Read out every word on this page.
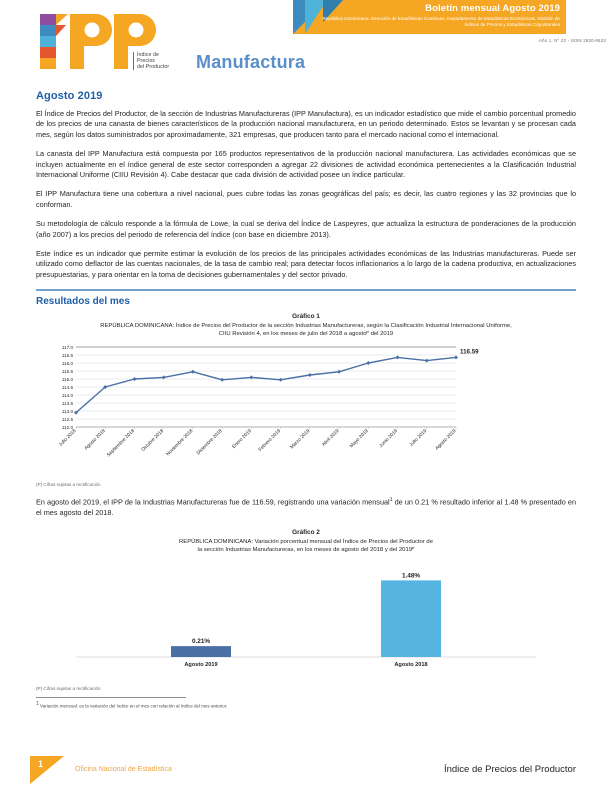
Índice de
Precios
del Productor Manufactura
Boletín mensual Agosto 2019
República Dominicana. Dirección de Estadísticas Continuas, Departamento de Estadísticas Económicas, División de Índices de Precios y Estadísticas Coyunturales
Año 1, N° 22 - ISSN 2520-9523
Agosto 2019

El Índice de Precios del Productor, de la sección de Industrias Manufactureras (IPP Manufactura), es un indicador estadístico que mide el cambio porcentual promedio de los precios de una canasta de bienes característicos de la producción nacional manufacturera, en un periodo determinado. Estos se levantan y se procesan cada mes, según los datos suministrados por aproximadamente, 321 empresas, que producen tanto para el mercado nacional como el internacional.

La canasta del IPP Manufactura está compuesta por 165 productos representativos de la producción nacional manufacturera. Las actividades económicas que se incluyen actualmente en el índice general de este sector corresponden a agregar 22 divisiones de actividad económica pertenecientes a la Clasificación Industrial Internacional Uniforme (CIIU Revisión 4). Cabe destacar que cada división de actividad posee un índice particular.

El IPP Manufactura tiene una cobertura a nivel nacional, pues cubre todas las zonas geográficas del país; es decir, las cuatro regiones y las 32 provincias que lo conforman.

Su metodología de cálculo responde a la fórmula de Lowe, la cual se deriva del Índice de Laspeyres, que actualiza la estructura de ponderaciones de la producción (año 2007) a los precios del periodo de referencia del índice (con base en diciembre 2013).

Este índice es un indicador que permite estimar la evolución de los precios de las principales actividades económicas de las Industrias manufactureras. Puede ser utilizado como deflactor de las cuentas nacionales, de la tasa de cambio real; para detectar focos inflacionarios a lo largo de la cadena productiva, en actualizaciones presupuestarias, y para orientar en la toma de decisiones gubernamentales y del sector privado.

Resultados del mes
Gráfico 1
REPÚBLICA DOMINICANA: Índice de Precios del Productor de la sección Industrias Manufactureras, según la Clasificación Industrial Internacional Uniforme,
CIIU Revisión 4, en los meses de julio del 2018 a agostoᴾ del 2019
117.0
116.5
116.0
115.5
115.0
114.5
114.0
113.5
113.0
112.5
112.0
116.59
Julio 2018 Agosto 2018 Septiembre 2018 Octubre 2018 Noviembre 2018 Diciembre 2018 Enero 2019 Febrero 2019 Marzo 2019 Abril 2019 Mayo 2019 Junio 2019 Julio 2019 Agosto 2019
(P) Cifras sujetas a rectificación
En agosto del 2019, el IPP de la Industrias Manufactureras fue de 116.59, registrando una variación mensual$^1$ de un 0.21 % resultado inferior al 1.48 % presentado en el mes agosto del 2018.
Gráfico 2
REPÚBLICA DOMINICANA: Variación porcentual mensual del Índice de Precios del Productor de
la sección Industrias Manufactureras, en los meses de agosto del 2018 y del 2019ᴾ
0.21%
Agosto 2019
1.48%
Agosto 2018
(P) Cifras sujetas a rectificación
$^1$ Variación mensual: es la variación del índice en el mes con relación al índice del mes anterior.
1
Oficina Nacional de Estadística	Índice de Precios del Productor
